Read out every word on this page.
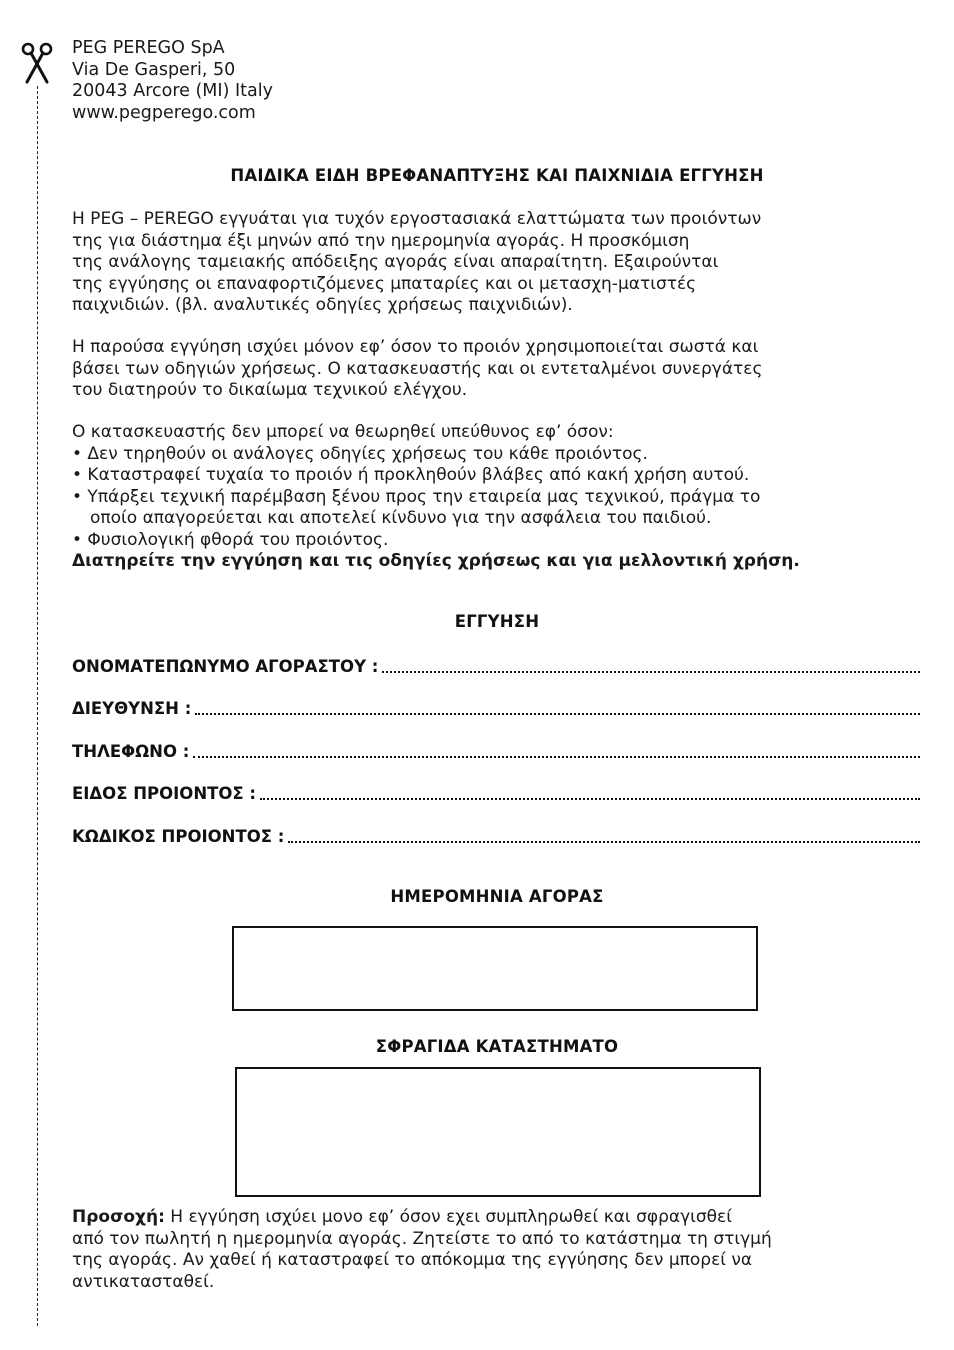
PEG PEREGO SpA
Via De Gasperi, 50
20043 Arcore (MI) Italy
www.pegperego.com
ΠΑΙΔΙΚΑ ΕΙΔΗ ΒΡΕΦΑΝΑΠΤΥΞΗΣ ΚΑΙ ΠΑΙΧΝΙΔΙΑ ΕΓΓΥΗΣΗ
Η PEG – PEREGO εγγυάται για τυχόν εργοστασιακά ελαττώματα των προιόντων
της για διάστημα έξι μηνών από την ημερομηνία αγοράς. Η προσκόμιση
της ανάλογης ταμειακής απόδειξης αγοράς είναι απαραίτητη. Εξαιρούνται
της εγγύησης οι επαναφορτιζόμενες μπαταρίες και οι μετασχη-ματιστές
παιχνιδιών. (βλ. αναλυτικές οδηγίες χρήσεως παιχνιδιών).
Η παρούσα εγγύηση ισχύει μόνον εφ’ όσον το προιόν χρησιμοποιείται σωστά και
βάσει των οδηγιών χρήσεως. Ο κατασκευαστής και οι εντεταλμένοι συνεργάτες
του διατηρούν το δικαίωμα τεχνικού ελέγχου.
Ο κατασκευαστής δεν μπορεί να θεωρηθεί υπεύθυνος εφ’ όσον:
• Δεν τηρηθούν οι ανάλογες οδηγίες χρήσεως του κάθε προιόντος.
• Καταστραφεί τυχαία το προιόν ή προκληθούν βλάβες από κακή χρήση αυτού.
• Υπάρξει τεχνική παρέμβαση ξένου προς την εταιρεία μας τεχνικού, πράγμα το
οποίο απαγορεύεται και αποτελεί κίνδυνο για την ασφάλεια του παιδιού.
• Φυσιολογική φθορά του προιόντος.
Διατηρείτε την εγγύηση και τις οδηγίες χρήσεως και για μελλοντική χρήση.
ΕΓΓΥΗΣΗ
ΟΝΟΜΑΤΕΠΩΝΥΜΟ ΑΓΟΡΑΣΤΟΥ :
ΔΙΕΥΘΥΝΣΗ :
ΤΗΛΕΦΩΝΟ :
ΕΙΔΟΣ ΠΡΟΙΟΝΤΟΣ :
ΚΩΔΙΚΟΣ ΠΡΟΙΟΝΤΟΣ :
ΗΜΕΡΟΜΗΝΙΑ ΑΓΟΡΑΣ
ΣΦΡΑΓΙΔΑ ΚΑΤΑΣΤΗΜΑΤΟ
Προσοχή: Η εγγύηση ισχύει μονο εφ’ όσον εχει συμπληρωθεί και σφραγισθεί
από τον πωλητή η ημερομηνία αγοράς. Ζητείστε το από το κατάστημα τη στιγμή
της αγοράς. Αν χαθεί ή καταστραφεί το απόκομμα της εγγύησης δεν μπορεί να
αντικατασταθεί.
